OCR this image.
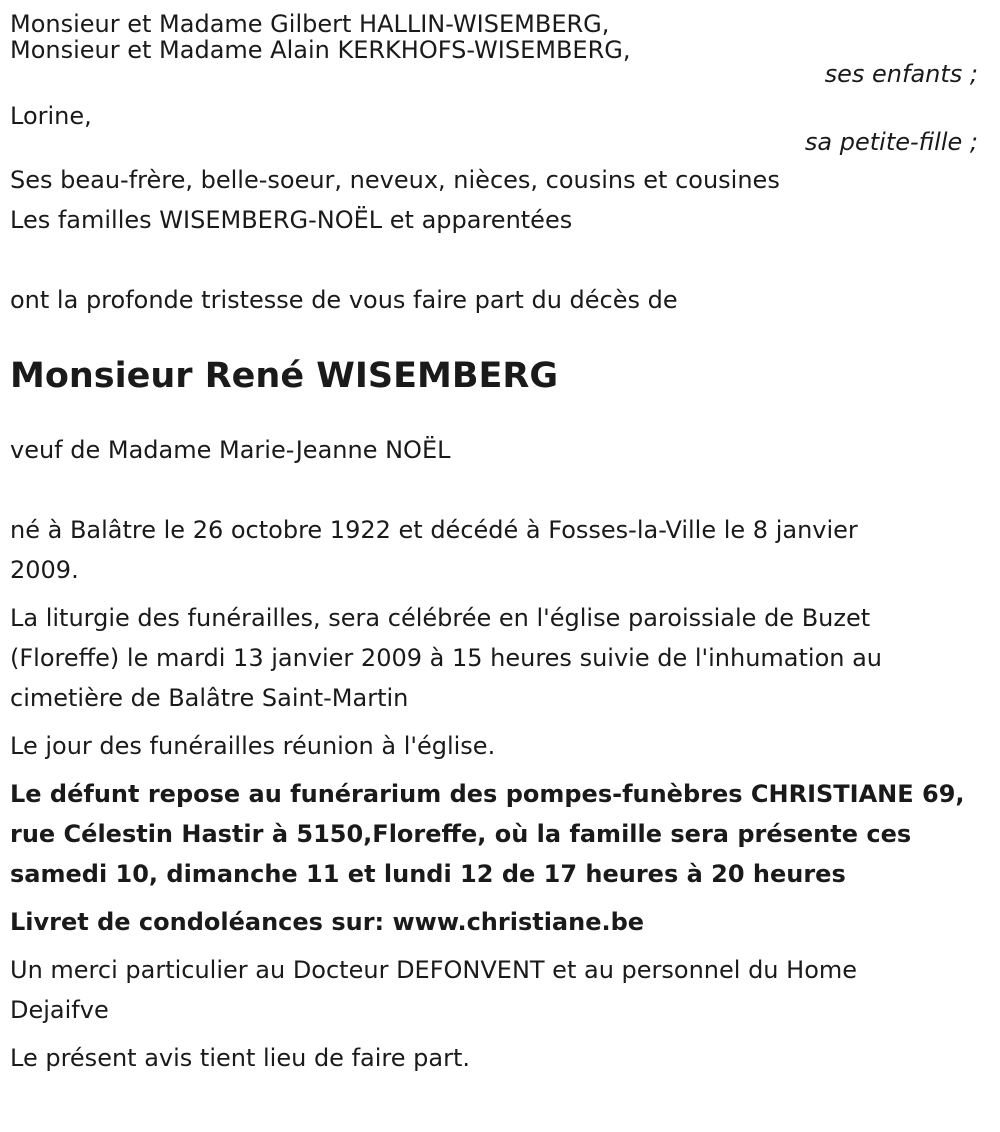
Monsieur et Madame Gilbert HALLIN-WISEMBERG,
Monsieur et Madame Alain KERKHOFS-WISEMBERG,
ses enfants ;
Lorine,
sa petite-fille ;
Ses beau-frère, belle-soeur, neveux, nièces, cousins et cousines
Les familles WISEMBERG-NOËL et apparentées
ont la profonde tristesse de vous faire part du décès de
Monsieur René WISEMBERG
veuf de Madame Marie-Jeanne NOËL
né à Balâtre le 26 octobre 1922 et décédé à Fosses-la-Ville le 8 janvier
2009.
La liturgie des funérailles, sera célébrée en l'église paroissiale de Buzet
(Floreffe) le mardi 13 janvier 2009 à 15 heures suivie de l'inhumation au
cimetière de Balâtre Saint-Martin
Le jour des funérailles réunion à l'église.
Le défunt repose au funérarium des pompes-funèbres CHRISTIANE 69,
rue Célestin Hastir à 5150,Floreffe, où la famille sera présente ces
samedi 10, dimanche 11 et lundi 12 de 17 heures à 20 heures
Livret de condoléances sur: www.christiane.be
Un merci particulier au Docteur DEFONVENT et au personnel du Home
Dejaifve
Le présent avis tient lieu de faire part.
